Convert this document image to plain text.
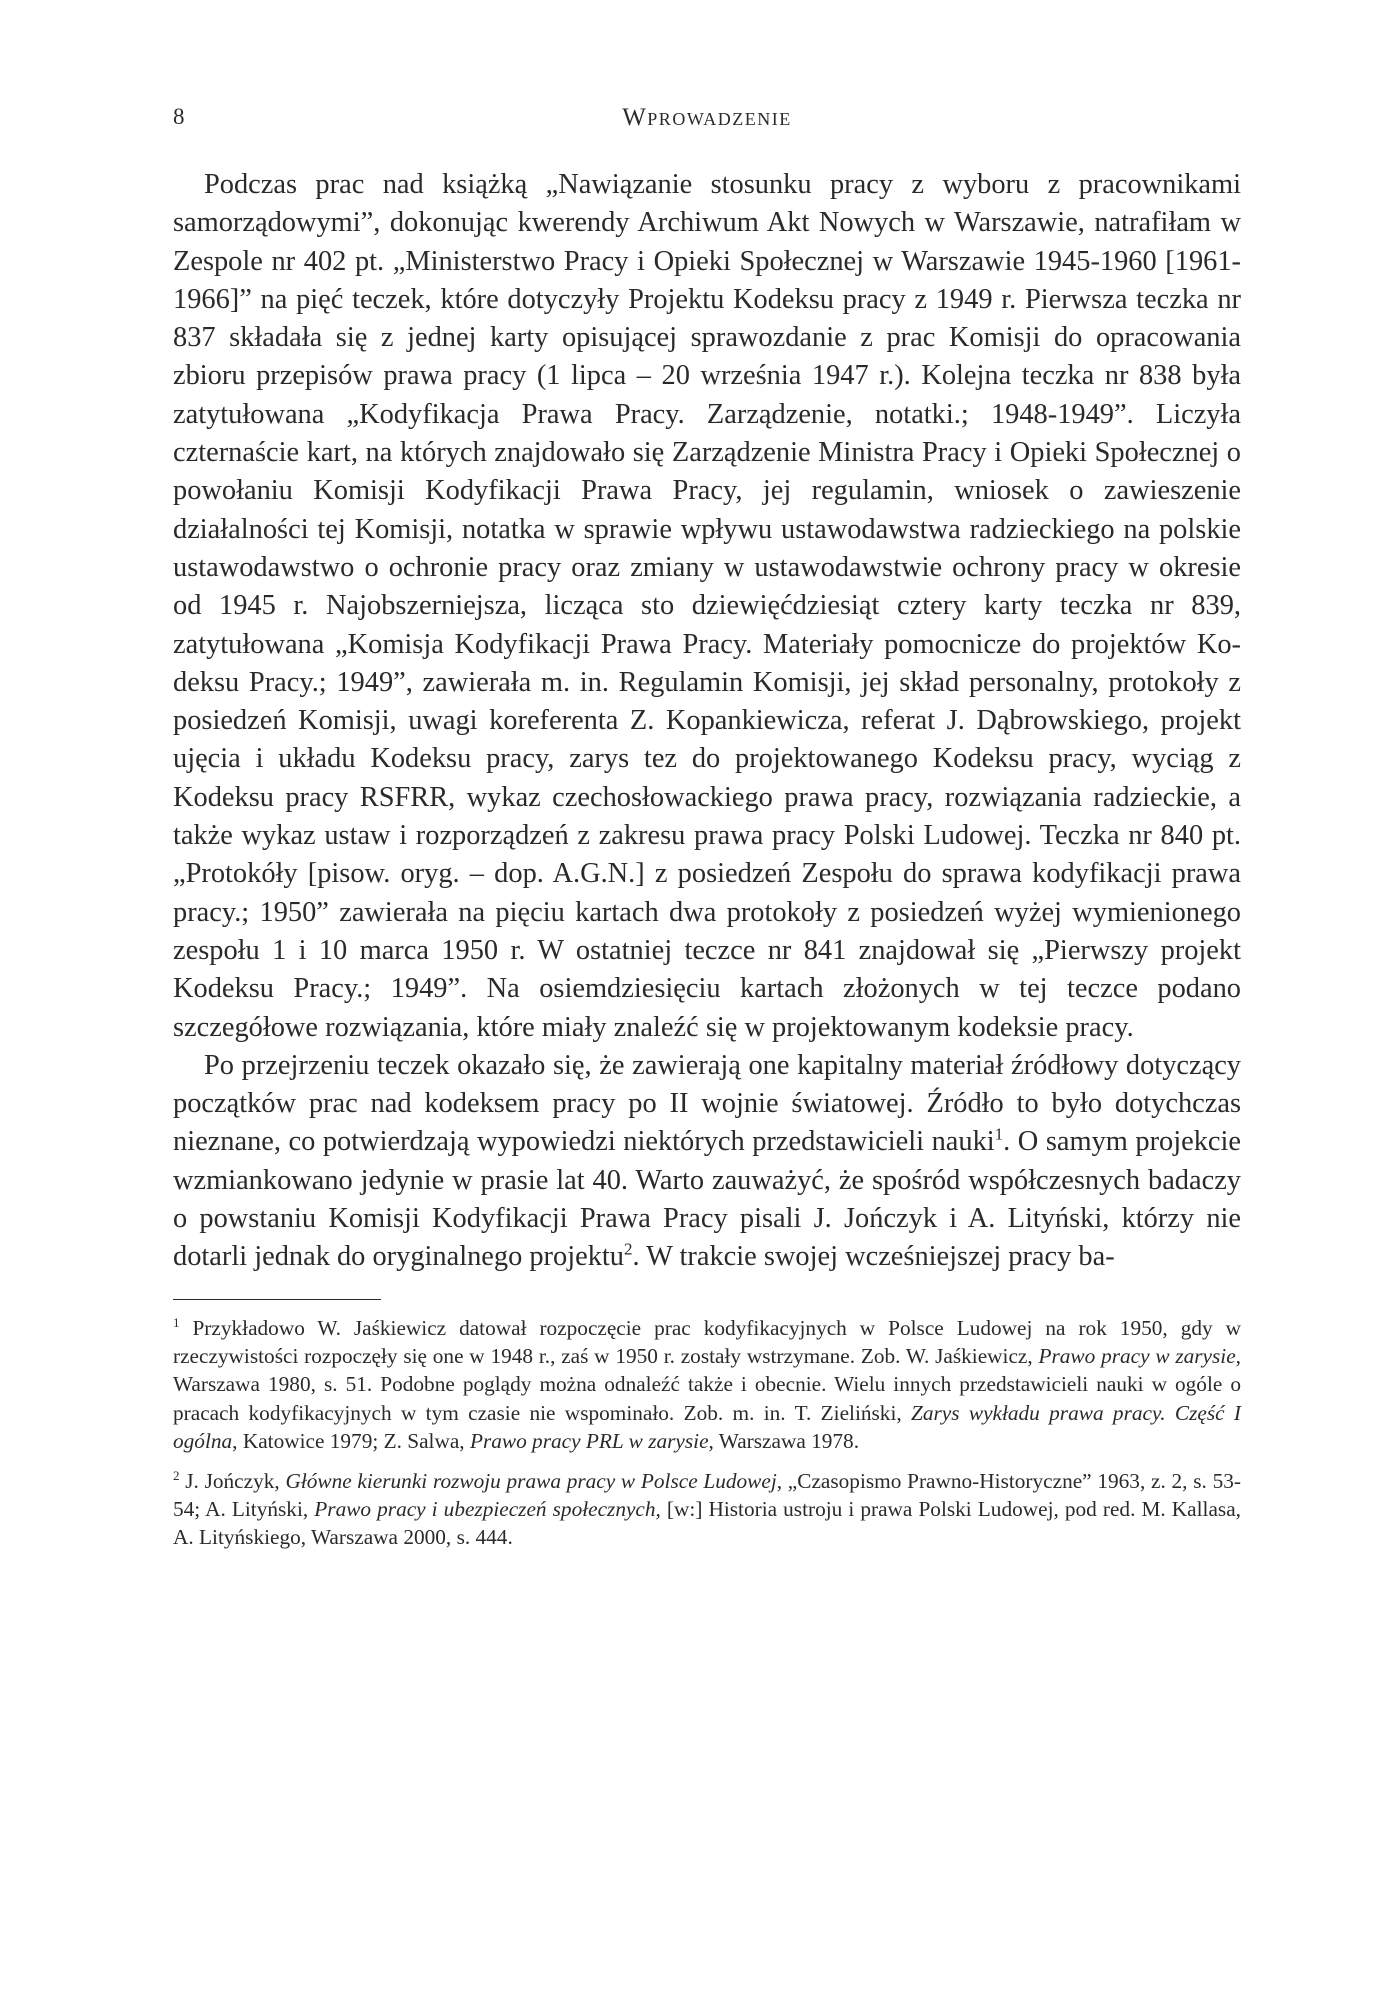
8	Wprowadzenie

Podczas prac nad książką „Nawiązanie stosunku pracy z wyboru z pracownikami samorządowymi”, dokonując kwerendy Archiwum Akt Nowych w Warszawie, natrafiłam w Zespole nr 402 pt. „Ministerstwo Pracy i Opieki Społecznej w Warszawie 1945-1960 [1961-1966]” na pięć teczek, które dotyczyły Projektu Kodeksu pracy z 1949 r. Pierwsza teczka nr 837 składała się z jednej karty opisującej sprawozdanie z prac Komisji do opracowania zbioru przepisów prawa pracy (1 lipca – 20 września 1947 r.). Kolejna teczka nr 838 była zatytułowana „Kodyfikacja Prawa Pracy. Zarządzenie, notatki.; 1948-1949”. Liczyła czternaście kart, na których znajdowało się Zarządzenie Ministra Pracy i Opieki Społecznej o powołaniu Komisji Kodyfikacji Prawa Pracy, jej regulamin, wniosek o zawieszenie działalności tej Komisji, notatka w sprawie wpływu ustawodawstwa radzieckiego na polskie ustawodawstwo o ochronie pracy oraz zmiany w ustawodawstwie ochrony pracy w okresie od 1945 r. Najobszerniejsza, licząca sto dziewięćdziesiąt cztery karty teczka nr 839, zatytułowana „Komisja Kodyfikacji Prawa Pracy. Materiały pomocnicze do projektów Kodeksu Pracy.; 1949”, zawierała m. in. Regulamin Komisji, jej skład personalny, protokoły z posiedzeń Komisji, uwagi koreferenta Z. Kopankiewicza, referat J. Dąbrowskiego, projekt ujęcia i układu Kodeksu pracy, zarys tez do projektowanego Kodeksu pracy, wyciąg z Kodeksu pracy RSFRR, wykaz czechosłowackiego prawa pracy, rozwiązania radzieckie, a także wykaz ustaw i rozporządzeń z zakresu prawa pracy Polski Ludowej. Teczka nr 840 pt. „Protokóły [pisow. oryg. – dop. A.G.N.] z posiedzeń Zespołu do sprawa kodyfikacji prawa pracy.; 1950” zawierała na pięciu kartach dwa protokoły z posiedzeń wyżej wymienionego zespołu 1 i 10 marca 1950 r. W ostatniej teczce nr 841 znajdował się „Pierwszy projekt Kodeksu Pracy.; 1949”. Na osiemdziesięciu kartach złożonych w tej teczce podano szczegółowe rozwiązania, które miały znaleźć się w projektowanym kodeksie pracy.

Po przejrzeniu teczek okazało się, że zawierają one kapitalny materiał źródłowy dotyczący początków prac nad kodeksem pracy po II wojnie światowej. Źródło to było dotychczas nieznane, co potwierdzają wypowiedzi niektórych przedstawicieli nauki$^1$. O samym projekcie wzmiankowano jedynie w prasie lat 40. Warto zauważyć, że spośród współczesnych badaczy o powstaniu Komisji Kodyfikacji Prawa Pracy pisali J. Jończyk i A. Lityński, którzy nie dotarli jednak do oryginalnego projektu$^2$. W trakcie swojej wcześniejszej pracy ba-

$^1$ Przykładowo W. Jaśkiewicz datował rozpoczęcie prac kodyfikacyjnych w Polsce Ludowej na rok 1950, gdy w rzeczywistości rozpoczęły się one w 1948 r., zaś w 1950 r. zostały wstrzymane. Zob. W. Jaśkiewicz, Prawo pracy w zarysie, Warszawa 1980, s. 51. Podobne poglądy można odnaleźć także i obecnie. Wielu innych przedstawicieli nauki w ogóle o pracach kodyfikacyjnych w tym czasie nie wspominało. Zob. m. in. T. Zieliński, Zarys wykładu prawa pracy. Część I ogólna, Katowice 1979; Z. Salwa, Prawo pracy PRL w zarysie, Warszawa 1978.

$^2$ J. Jończyk, Główne kierunki rozwoju prawa pracy w Polsce Ludowej, „Czasopismo Prawno-Historyczne” 1963, z. 2, s. 53-54; A. Lityński, Prawo pracy i ubezpieczeń społecznych, [w:] Historia ustroju i prawa Polski Ludowej, pod red. M. Kallasa, A. Lityńskiego, Warszawa 2000, s. 444.
